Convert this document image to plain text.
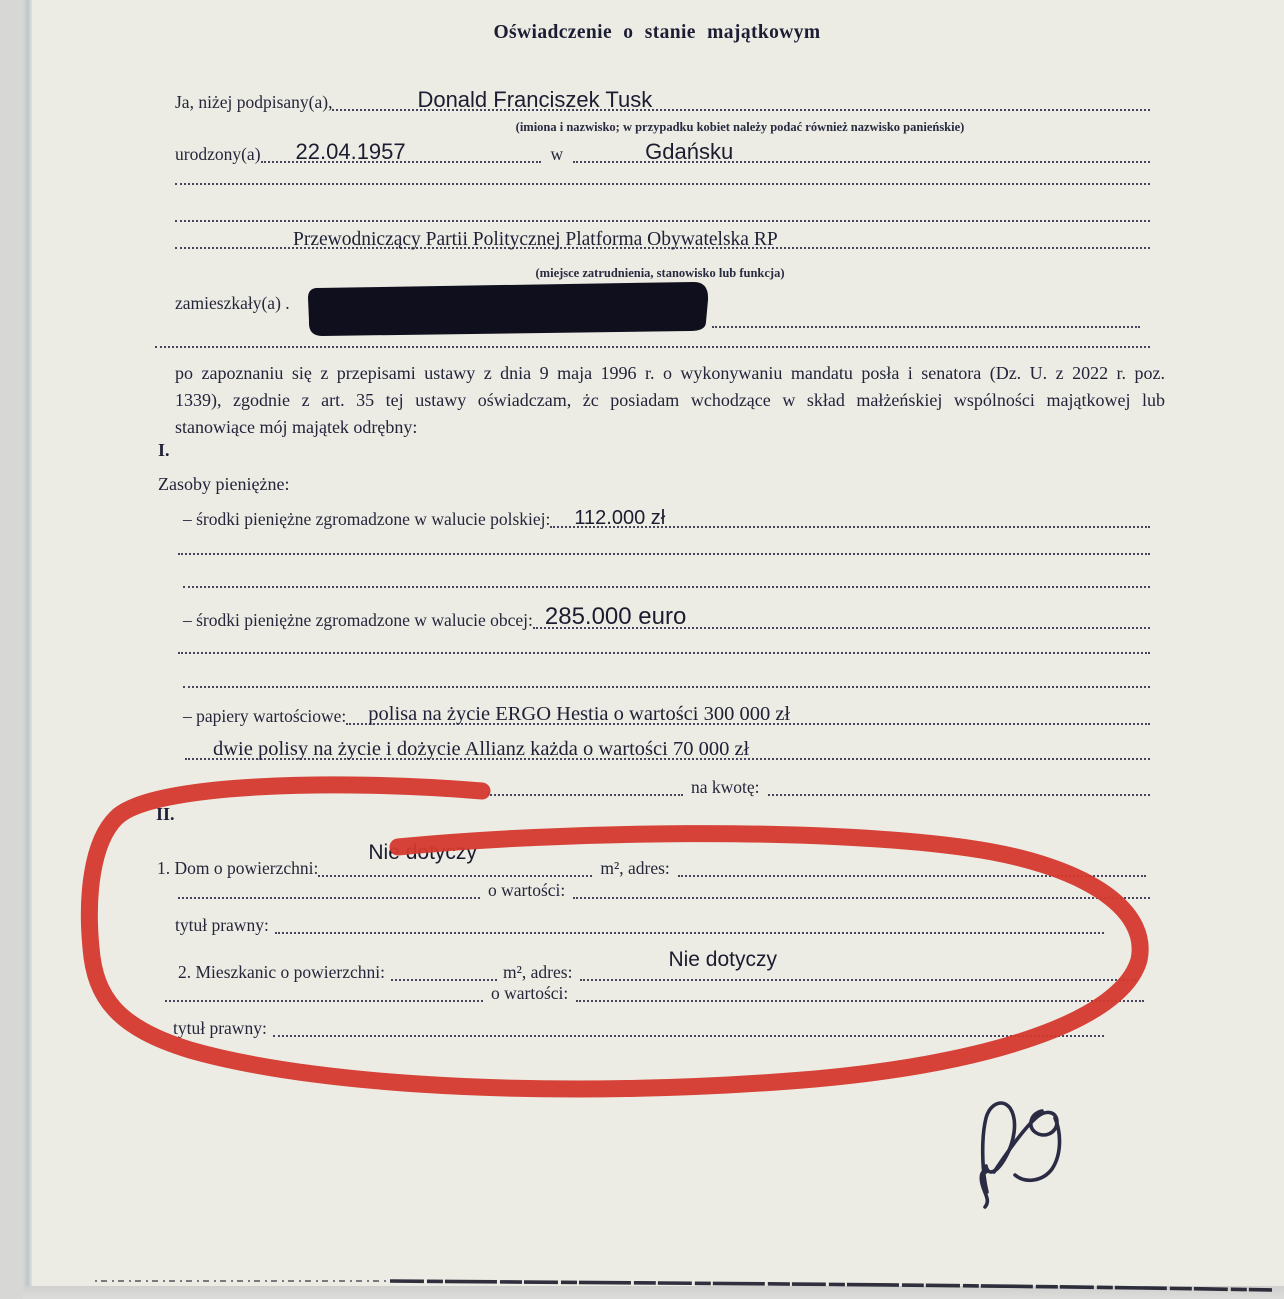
Oświadczenie o stanie majątkowym
Ja, niżej podpisany(a),	Donald Franciszek Tusk
(imiona i nazwisko; w przypadku kobiet należy podać również nazwisko panieńskie)
urodzony(a) 22.04.1957	w	Gdańsku
Przewodniczący Partii Politycznej Platforma Obywatelska RP
(miejsce zatrudnienia, stanowisko lub funkcja)
zamieszkały(a) .
po zapoznaniu się z przepisami ustawy z dnia 9 maja 1996 r. o wykonywaniu mandatu posła i senatora (Dz. U. z 2022 r. poz.
1339), zgodnie z art. 35 tej ustawy oświadczam, żc posiadam wchodzące w skład małżeńskiej wspólności majątkowej lub
stanowiące mój majątek odrębny:
I.
Zasoby pieniężne:
– środki pieniężne zgromadzone w walucie polskiej: 112.000 zł
– środki pieniężne zgromadzone w walucie obcej: 285.000 euro
– papiery wartościowe: polisa na życie ERGO Hestia o wartości 300 000 zł
dwie polisy na życie i dożycie Allianz każda o wartości 70 000 zł
na kwotę:
II.
1. Dom o powierzchni:
Nie dotyczy
m², adres:
o wartości:
tytuł prawny:
2. Mieszkanic o powierzchni:	m², adres:
Nie dotyczy
o wartości:
tytuł prawny:
